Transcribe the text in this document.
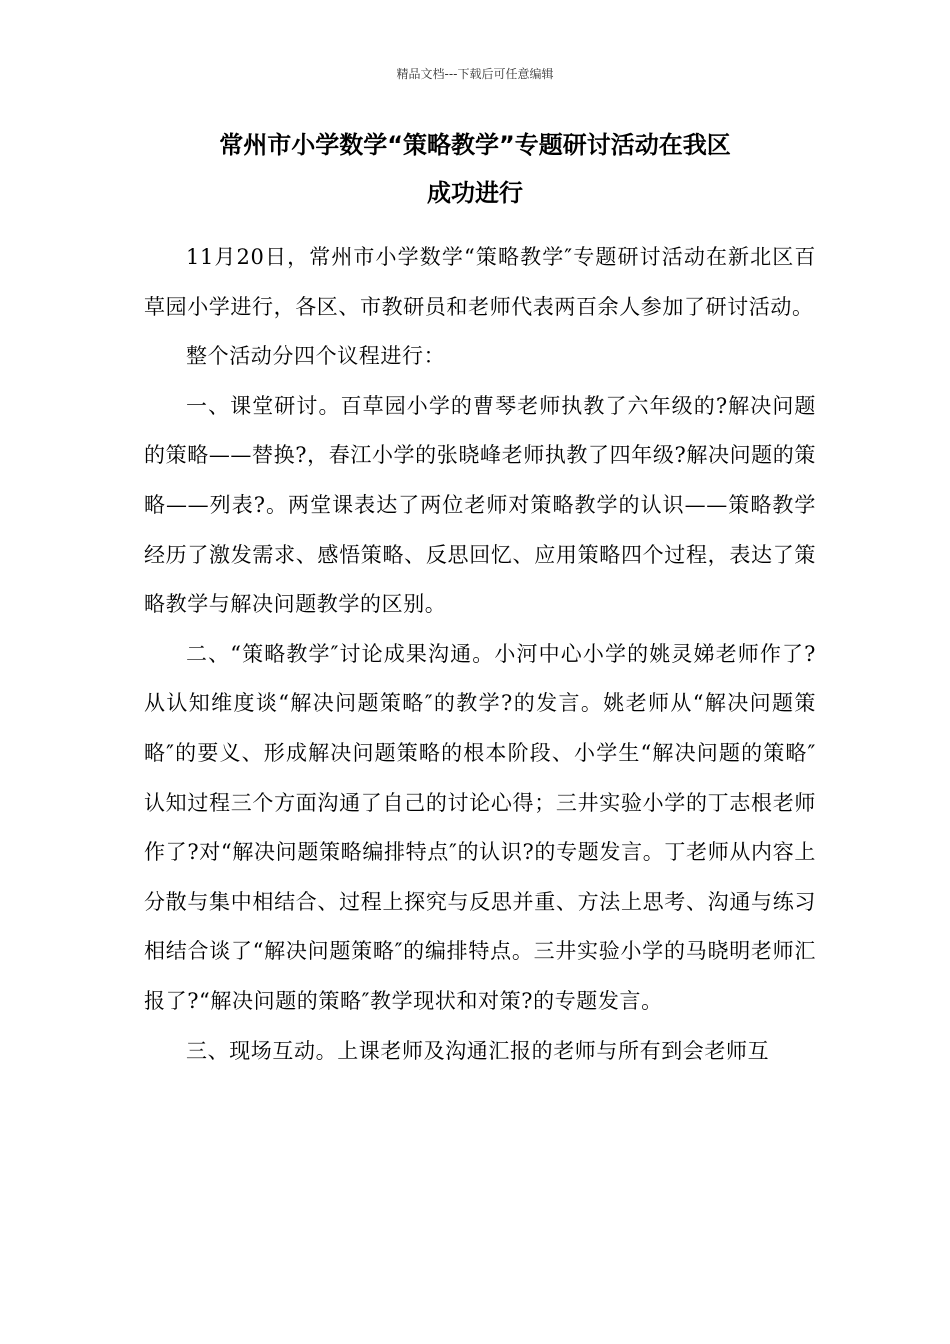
精品文档---下载后可任意编辑
常州市小学数学“策略教学”专题研讨活动在我区
成功进行

11月20日，常州市小学数学“策略教学″专题研讨活动在新北区百草园小学进行，各区、市教研员和老师代表两百余人参加了研讨活动。

整个活动分四个议程进行：

一、课堂研讨。百草园小学的曹琴老师执教了六年级的?解决问题的策略——替换?，春江小学的张晓峰老师执教了四年级?解决问题的策略——列表?。两堂课表达了两位老师对策略教学的认识——策略教学经历了激发需求、感悟策略、反思回忆、应用策略四个过程，表达了策略教学与解决问题教学的区别。

二、“策略教学″讨论成果沟通。小河中心小学的姚灵娣老师作了?从认知维度谈“解决问题策略″的教学?的发言。姚老师从“解决问题策略″的要义、形成解决问题策略的根本阶段、小学生“解决问题的策略″认知过程三个方面沟通了自己的讨论心得；三井实验小学的丁志根老师作了?对“解决问题策略编排特点″的认识?的专题发言。丁老师从内容上分散与集中相结合、过程上探究与反思并重、方法上思考、沟通与练习相结合谈了“解决问题策略″的编排特点。三井实验小学的马晓明老师汇报了?“解决问题的策略″教学现状和对策?的专题发言。

三、现场互动。上课老师及沟通汇报的老师与所有到会老师互
